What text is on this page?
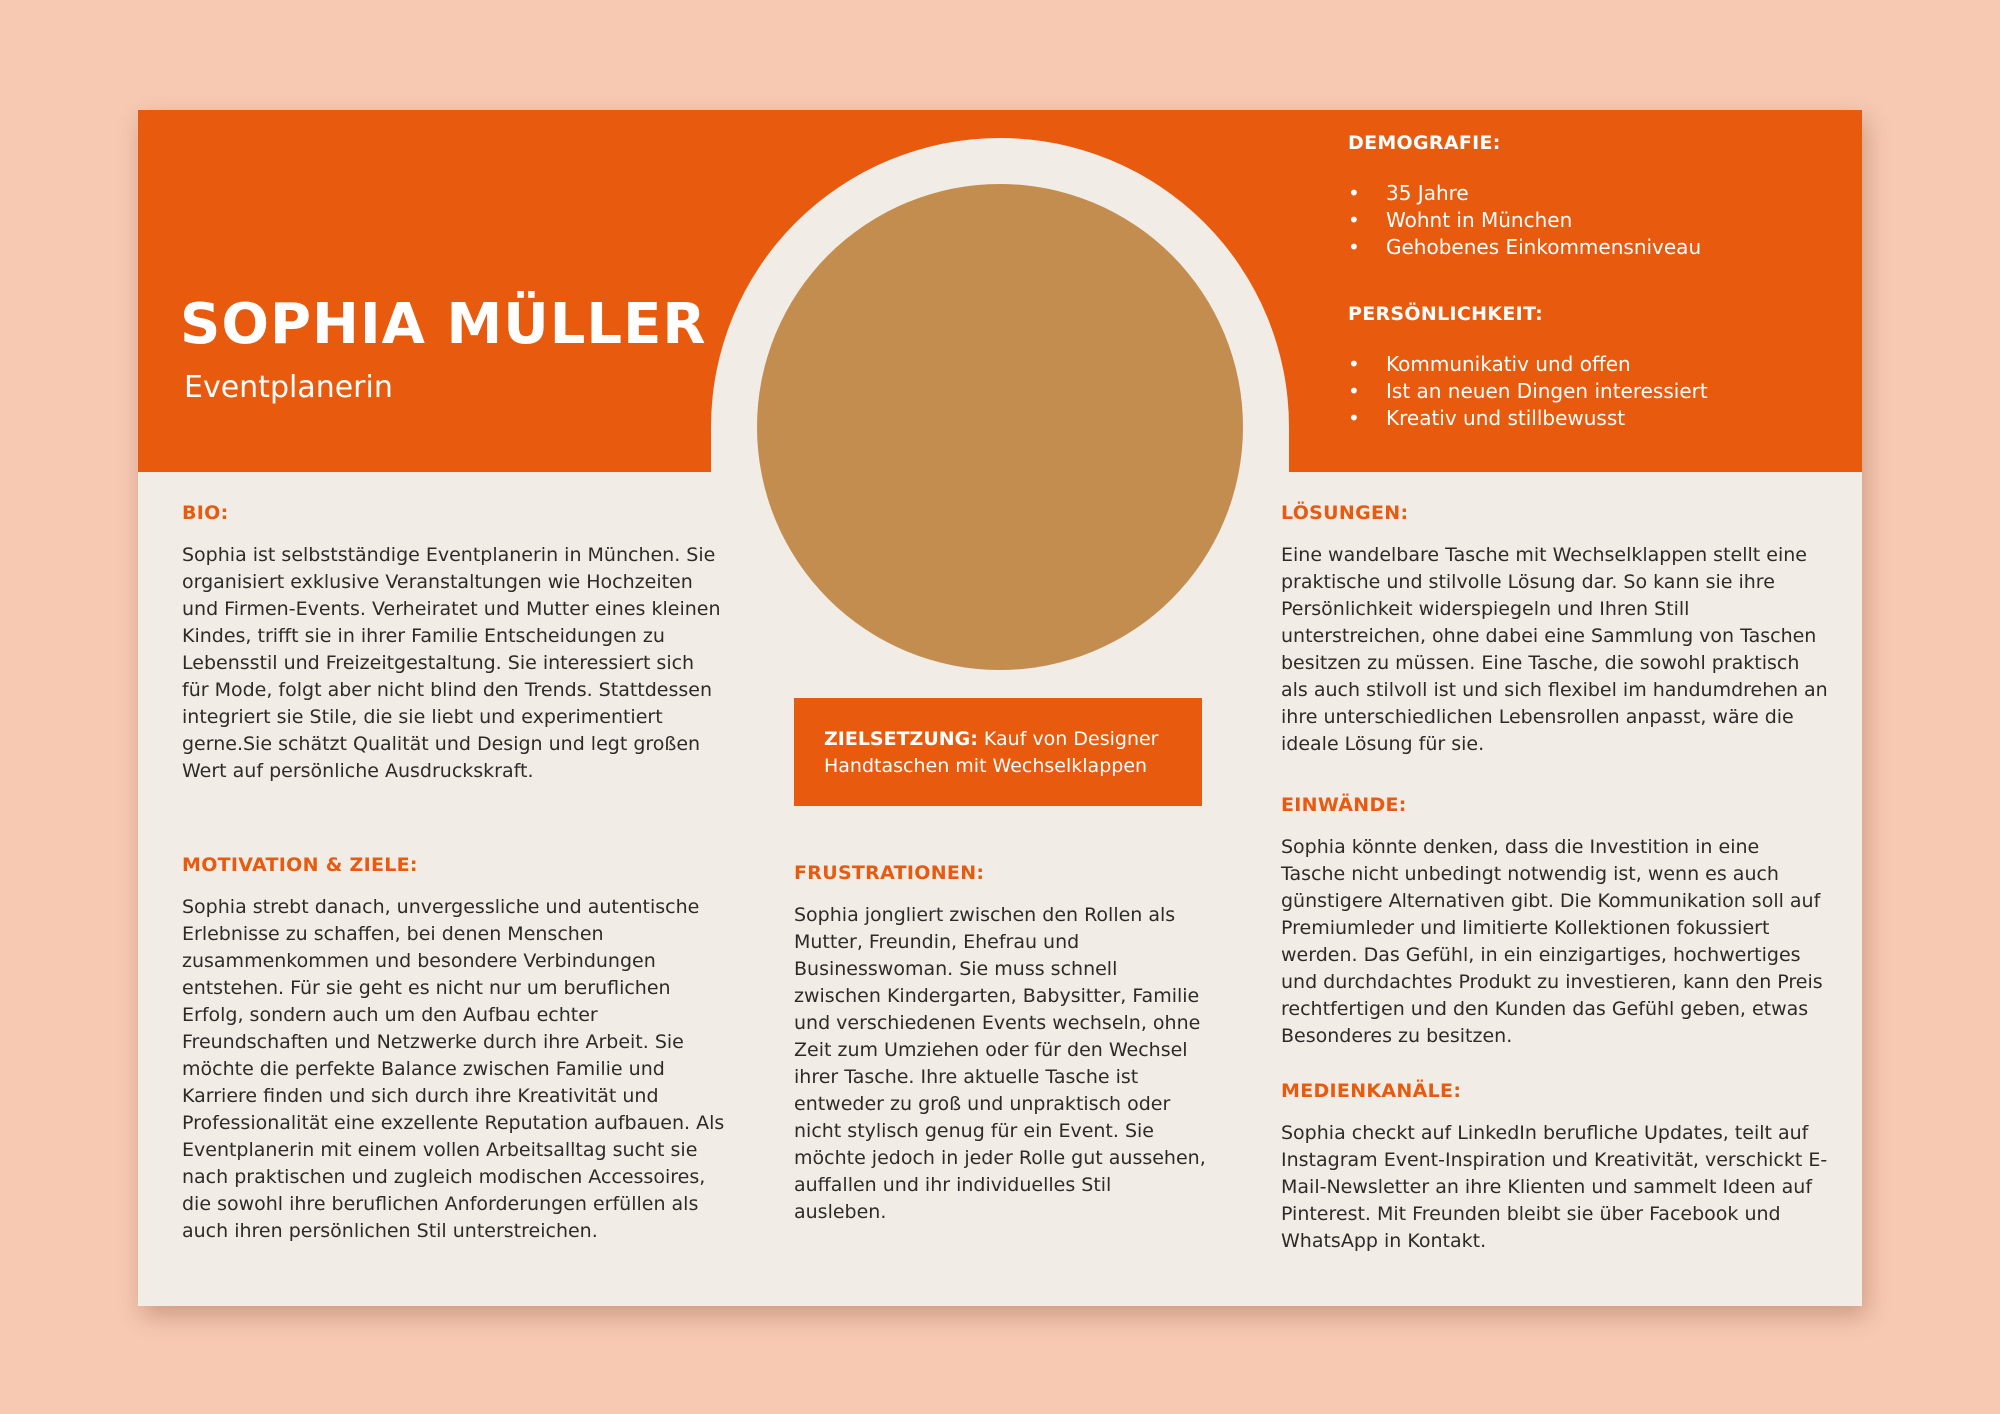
SOPHIA MÜLLER
Eventplanerin

DEMOGRAFIE:

• 35 Jahre
• Wohnt in München
• Gehobenes Einkommensniveau

PERSÖNLICHKEIT:

• Kommunikativ und offen
• Ist an neuen Dingen interessiert
• Kreativ und stillbewusst

BIO:

Sophia ist selbstständige Eventplanerin in München. Sie organisiert exklusive Veranstaltungen wie Hochzeiten und Firmen-Events. Verheiratet und Mutter eines kleinen Kindes, trifft sie in ihrer Familie Entscheidungen zu Lebensstil und Freizeitgestaltung. Sie interessiert sich für Mode, folgt aber nicht blind den Trends. Stattdessen integriert sie Stile, die sie liebt und experimentiert gerne.Sie schätzt Qualität und Design und legt großen Wert auf persönliche Ausdruckskraft.

MOTIVATION & ZIELE:

Sophia strebt danach, unvergessliche und autentische Erlebnisse zu schaffen, bei denen Menschen zusammenkommen und besondere Verbindungen entstehen. Für sie geht es nicht nur um beruflichen Erfolg, sondern auch um den Aufbau echter Freundschaften und Netzwerke durch ihre Arbeit. Sie möchte die perfekte Balance zwischen Familie und Karriere finden und sich durch ihre Kreativität und Professionalität eine exzellente Reputation aufbauen. Als Eventplanerin mit einem vollen Arbeitsalltag sucht sie nach praktischen und zugleich modischen Accessoires, die sowohl ihre beruflichen Anforderungen erfüllen als auch ihren persönlichen Stil unterstreichen.

ZIELSETZUNG: Kauf von Designer Handtaschen mit Wechselklappen

FRUSTRATIONEN:

Sophia jongliert zwischen den Rollen als Mutter, Freundin, Ehefrau und Businesswoman. Sie muss schnell zwischen Kindergarten, Babysitter, Familie und verschiedenen Events wechseln, ohne Zeit zum Umziehen oder für den Wechsel ihrer Tasche. Ihre aktuelle Tasche ist entweder zu groß und unpraktisch oder nicht stylisch genug für ein Event. Sie möchte jedoch in jeder Rolle gut aussehen, auffallen und ihr individuelles Stil ausleben.

LÖSUNGEN:

Eine wandelbare Tasche mit Wechselklappen stellt eine praktische und stilvolle Lösung dar. So kann sie ihre Persönlichkeit widerspiegeln und Ihren Still unterstreichen, ohne dabei eine Sammlung von Taschen besitzen zu müssen. Eine Tasche, die sowohl praktisch als auch stilvoll ist und sich flexibel im handumdrehen an ihre unterschiedlichen Lebensrollen anpasst, wäre die ideale Lösung für sie.

EINWÄNDE:

Sophia könnte denken, dass die Investition in eine Tasche nicht unbedingt notwendig ist, wenn es auch günstigere Alternativen gibt. Die Kommunikation soll auf Premiumleder und limitierte Kollektionen fokussiert werden. Das Gefühl, in ein einzigartiges, hochwertiges und durchdachtes Produkt zu investieren, kann den Preis rechtfertigen und den Kunden das Gefühl geben, etwas Besonderes zu besitzen.

MEDIENKANÄLE:

Sophia checkt auf LinkedIn berufliche Updates, teilt auf Instagram Event-Inspiration und Kreativität, verschickt E-Mail-Newsletter an ihre Klienten und sammelt Ideen auf Pinterest. Mit Freunden bleibt sie über Facebook und WhatsApp in Kontakt.
